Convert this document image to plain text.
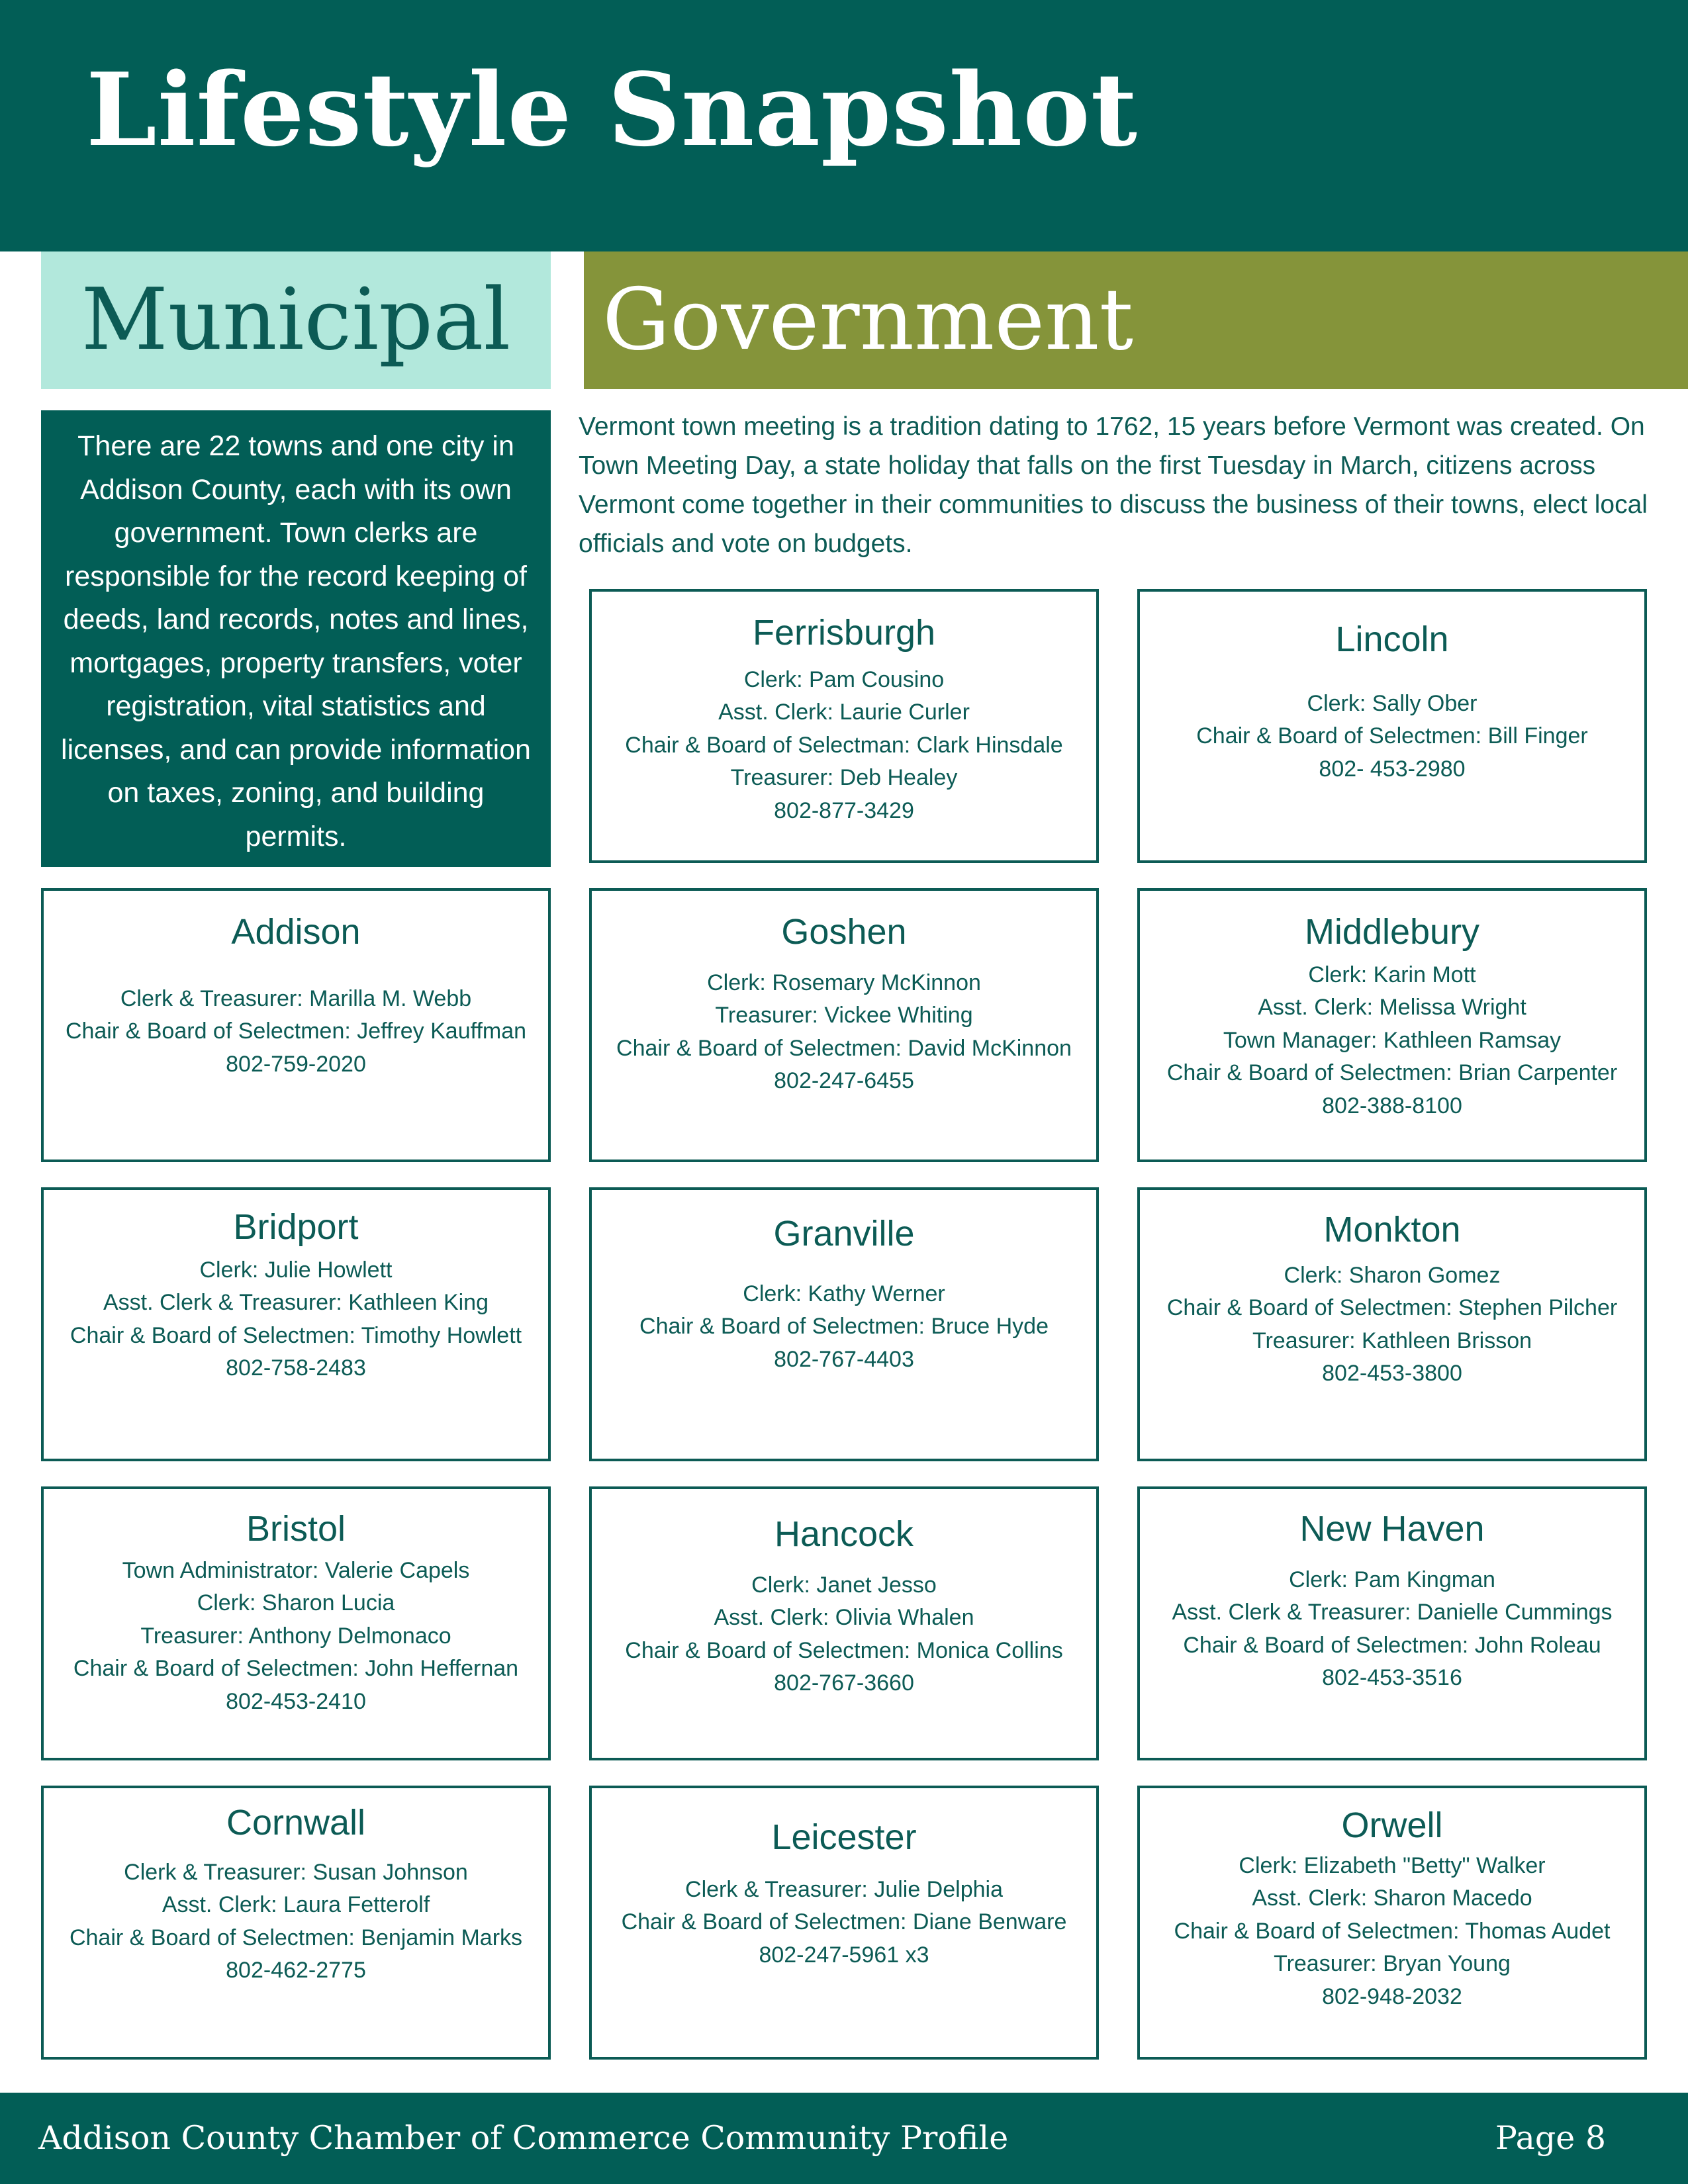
Lifestyle Snapshot
Municipal	Government
There are 22 towns and one city in Addison County, each with its own government. Town clerks are responsible for the record keeping of deeds, land records, notes and lines, mortgages, property transfers, voter registration, vital statistics and licenses, and can provide information on taxes, zoning, and building permits.

Vermont town meeting is a tradition dating to 1762, 15 years before Vermont was created. On Town Meeting Day, a state holiday that falls on the first Tuesday in March, citizens across Vermont come together in their communities to discuss the business of their towns, elect local officials and vote on budgets.

Ferrisburgh
Clerk: Pam Cousino
Asst. Clerk: Laurie Curler
Chair & Board of Selectman: Clark Hinsdale
Treasurer: Deb Healey
802-877-3429
Lincoln
Clerk: Sally Ober
Chair & Board of Selectmen: Bill Finger
802- 453-2980
Addison
Clerk & Treasurer: Marilla M. Webb
Chair & Board of Selectmen: Jeffrey Kauffman
802-759-2020
Goshen
Clerk: Rosemary McKinnon
Treasurer: Vickee Whiting
Chair & Board of Selectmen: David McKinnon
802-247-6455
Middlebury
Clerk: Karin Mott
Asst. Clerk: Melissa Wright
Town Manager: Kathleen Ramsay
Chair & Board of Selectmen: Brian Carpenter
802-388-8100
Bridport
Clerk: Julie Howlett
Asst. Clerk & Treasurer: Kathleen King
Chair & Board of Selectmen: Timothy Howlett
802-758-2483
Granville
Clerk: Kathy Werner
Chair & Board of Selectmen: Bruce Hyde
802-767-4403
Monkton
Clerk: Sharon Gomez
Chair & Board of Selectmen: Stephen Pilcher
Treasurer: Kathleen Brisson
802-453-3800
Bristol
Town Administrator: Valerie Capels
Clerk: Sharon Lucia
Treasurer: Anthony Delmonaco
Chair & Board of Selectmen: John Heffernan
802-453-2410
Hancock
Clerk: Janet Jesso
Asst. Clerk: Olivia Whalen
Chair & Board of Selectmen: Monica Collins
802-767-3660
New Haven
Clerk: Pam Kingman
Asst. Clerk & Treasurer: Danielle Cummings
Chair & Board of Selectmen: John Roleau
802-453-3516
Cornwall
Clerk & Treasurer: Susan Johnson
Asst. Clerk: Laura Fetterolf
Chair & Board of Selectmen: Benjamin Marks
802-462-2775
Leicester
Clerk & Treasurer: Julie Delphia
Chair & Board of Selectmen: Diane Benware
802-247-5961 x3
Orwell
Clerk: Elizabeth "Betty" Walker
Asst. Clerk: Sharon Macedo
Chair & Board of Selectmen: Thomas Audet
Treasurer: Bryan Young
802-948-2032
Addison County Chamber of Commerce Community Profile	Page 8
